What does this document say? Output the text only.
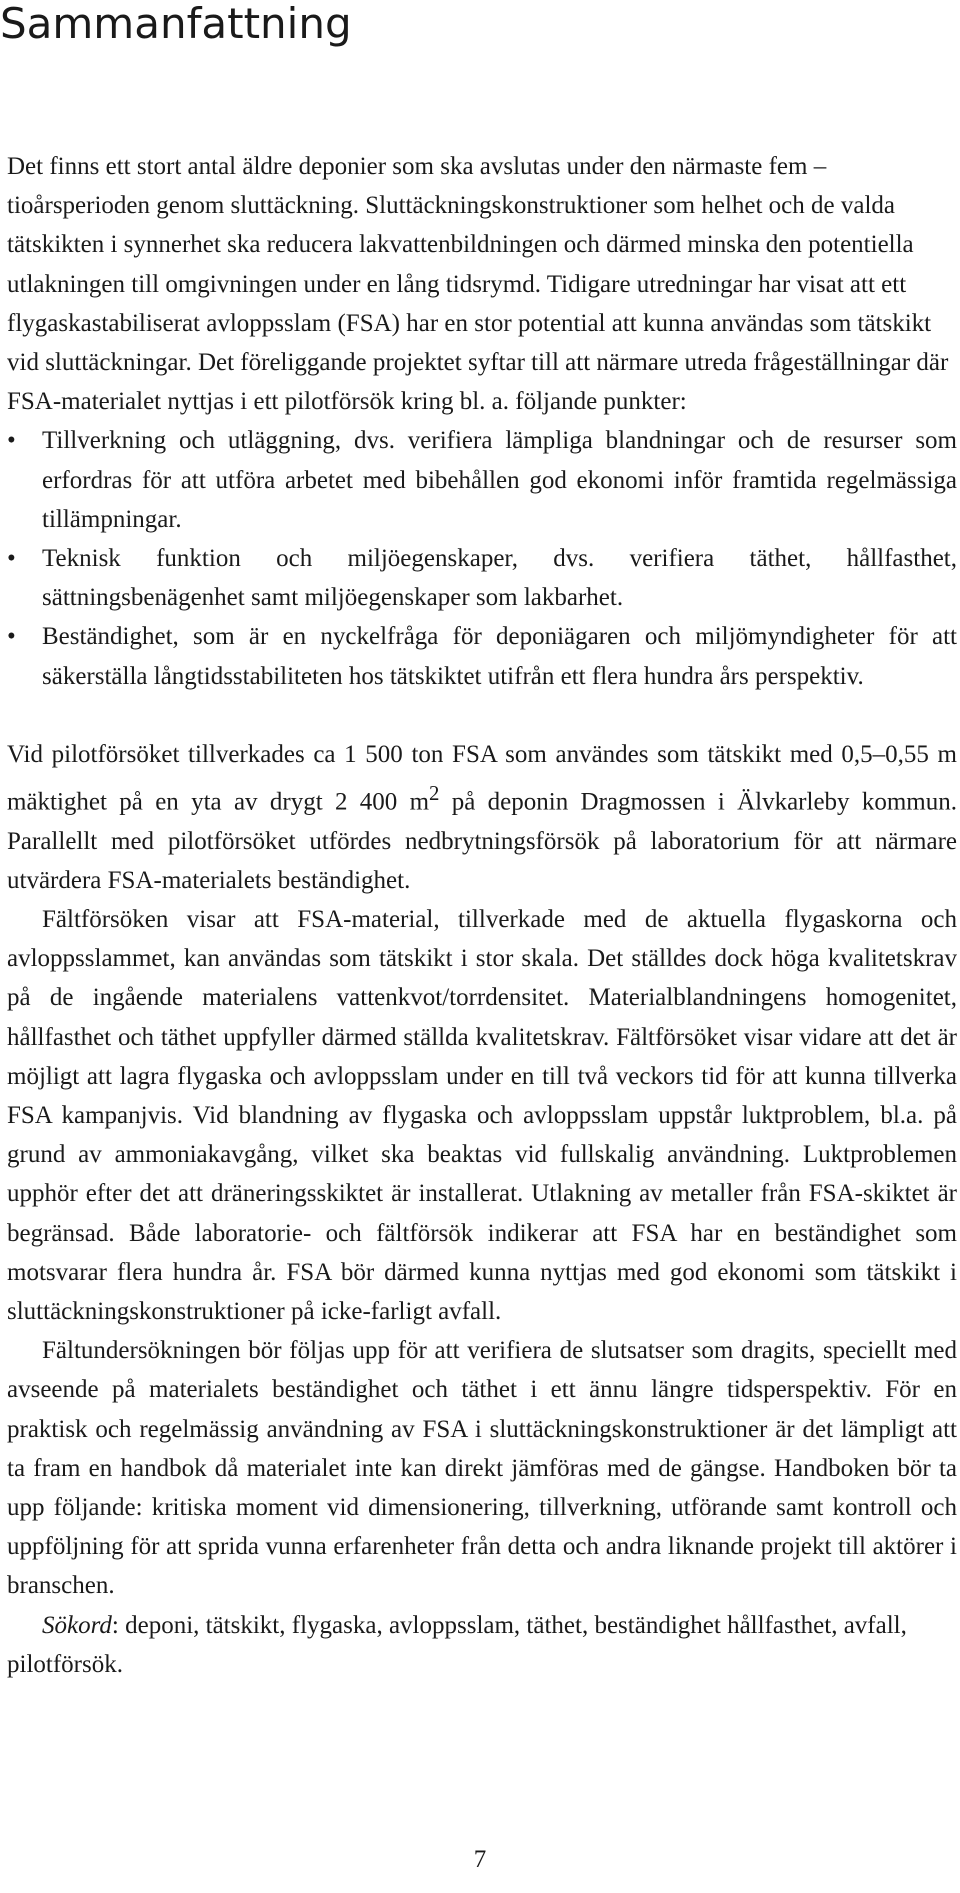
Sammanfattning

Det finns ett stort antal äldre deponier som ska avslutas under den närmaste fem – tioårsperioden genom sluttäckning. Sluttäckningskonstruktioner som helhet och de valda tätskikten i synnerhet ska reducera lakvattenbildningen och därmed minska den potentiella utlakningen till omgivningen under en lång tidsrymd. Tidigare utredningar har visat att ett flygaskastabiliserat avloppsslam (FSA) har en stor potential att kunna användas som tätskikt vid sluttäckningar. Det föreliggande projektet syftar till att närmare utreda frågeställningar där FSA-materialet nyttjas i ett pilotförsök kring bl. a. följande punkter:

• Tillverkning och utläggning, dvs. verifiera lämpliga blandningar och de resurser som erfordras för att utföra arbetet med bibehållen god ekonomi inför framtida regelmässiga tillämpningar.
• Teknisk funktion och miljöegenskaper, dvs. verifiera täthet, hållfasthet, sättningsbenägenhet samt miljöegenskaper som lakbarhet.
• Beständighet, som är en nyckelfråga för deponiägaren och miljömyndigheter för att säkerställa långtidsstabiliteten hos tätskiktet utifrån ett flera hundra års perspektiv.

Vid pilotförsöket tillverkades ca 1 500 ton FSA som användes som tätskikt med 0,5–0,55 m mäktighet på en yta av drygt 2 400 $m^2$ på deponin Dragmossen i Älvkarleby kommun. Parallellt med pilotförsöket utfördes nedbrytningsförsök på laboratorium för att närmare utvärdera FSA-materialets beständighet.

Fältförsöken visar att FSA-material, tillverkade med de aktuella flygaskorna och avloppsslammet, kan användas som tätskikt i stor skala. Det ställdes dock höga kvalitetskrav på de ingående materialens vattenkvot/torrdensitet. Materialblandningens homogenitet, hållfasthet och täthet uppfyller därmed ställda kvalitetskrav. Fältförsöket visar vidare att det är möjligt att lagra flygaska och avloppsslam under en till två veckors tid för att kunna tillverka FSA kampanjvis. Vid blandning av flygaska och avloppsslam uppstår luktproblem, bl.a. på grund av ammoniakavgång, vilket ska beaktas vid fullskalig användning. Luktproblemen upphör efter det att dräneringsskiktet är installerat. Utlakning av metaller från FSA-skiktet är begränsad. Både laboratorie- och fältförsök indikerar att FSA har en beständighet som motsvarar flera hundra år. FSA bör därmed kunna nyttjas med god ekonomi som tätskikt i sluttäckningskonstruktioner på icke-farligt avfall.

Fältundersökningen bör följas upp för att verifiera de slutsatser som dragits, speciellt med avseende på materialets beständighet och täthet i ett ännu längre tidsperspektiv. För en praktisk och regelmässig användning av FSA i sluttäckningskonstruktioner är det lämpligt att ta fram en handbok då materialet inte kan direkt jämföras med de gängse. Handboken bör ta upp följande: kritiska moment vid dimensionering, tillverkning, utförande samt kontroll och uppföljning för att sprida vunna erfarenheter från detta och andra liknande projekt till aktörer i branschen.

Sökord: deponi, tätskikt, flygaska, avloppsslam, täthet, beständighet hållfasthet, avfall, pilotförsök.

7
